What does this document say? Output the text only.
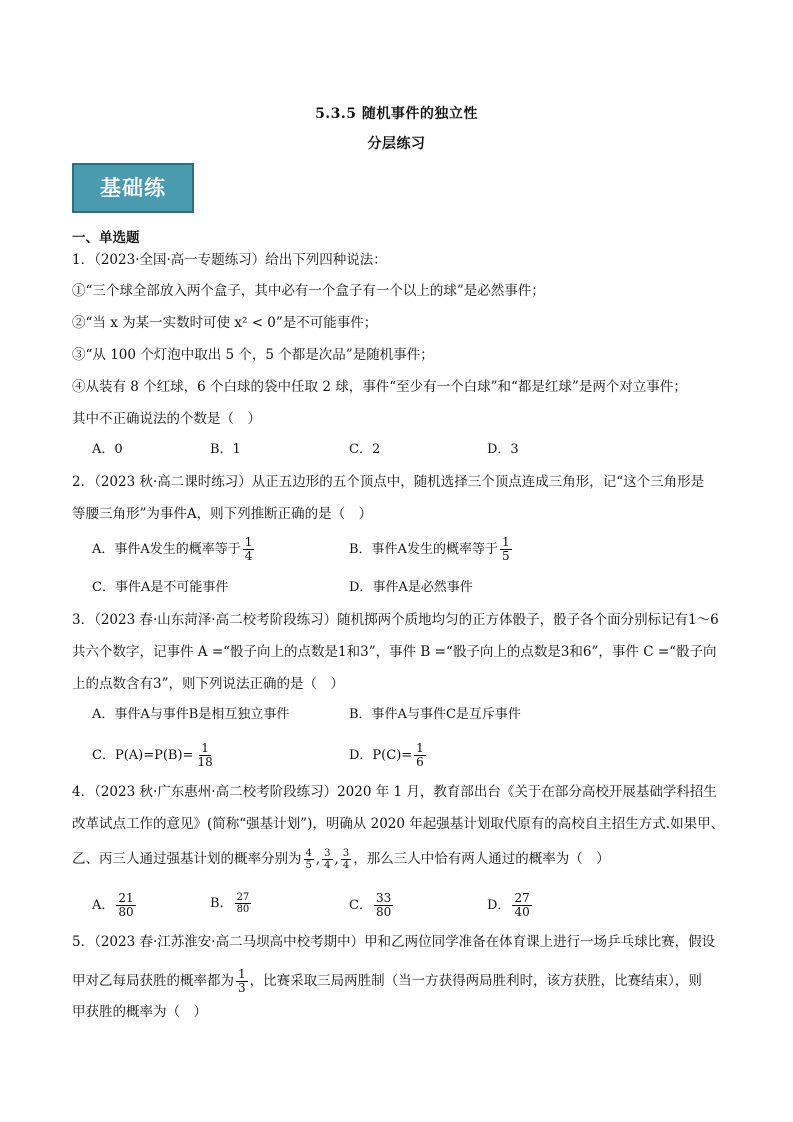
5.3.5 随机事件的独立性
分层练习
基础练
一、单选题
1．（2023·全国·高一专题练习）给出下列四种说法：
①“三个球全部放入两个盒子，其中必有一个盒子有一个以上的球”是必然事件；
②“当 x 为某一实数时可使 x² < 0”是不可能事件；
③“从 100 个灯泡中取出 5 个，5 个都是次品”是随机事件；
④从装有 8 个红球，6 个白球的袋中任取 2 球，事件“至少有一个白球”和“都是红球”是两个对立事件；
其中不正确说法的个数是（　）
A．0	B．1	C．2	D．3
2．（2023 秋·高二课时练习）从正五边形的五个顶点中，随机选择三个顶点连成三角形，记“这个三角形是
等腰三角形”为事件A，则下列推断正确的是（　）
A．事件A发生的概率等于 $\frac{1}{4}$	B．事件A发生的概率等于 $\frac{1}{5}$
C．事件A是不可能事件	D．事件A是必然事件
3．（2023 春·山东菏泽·高二校考阶段练习）随机掷两个质地均匀的正方体骰子，骰子各个面分别标记有1～6
共六个数字，记事件 A =“骰子向上的点数是1和3”，事件 B =“骰子向上的点数是3和6”，事件 C =“骰子向
上的点数含有3”，则下列说法正确的是（　）
A．事件A与事件B是相互独立事件	B．事件A与事件C是互斥事件
C．$P(A)=P(B)= \frac{1}{18}$	D．$P(C)= \frac{1}{6}$
4．（2023 秋·广东惠州·高二校考阶段练习）2020 年 1 月，教育部出台《关于在部分高校开展基础学科招生
改革试点工作的意见》(简称“强基计划”)，明确从 2020 年起强基计划取代原有的高校自主招生方式.如果甲、
乙、丙三人通过强基计划的概率分别为 $\frac{4}{5}$ , $\frac{3}{4}$ , $\frac{3}{4}$ ，那么三人中恰有两人通过的概率为（　）
A． $\frac{21}{80}$	B． $\frac{27}{80}$	C． $\frac{33}{80}$	D． $\frac{27}{40}$
5．（2023 春·江苏淮安·高二马坝高中校考期中）甲和乙两位同学准备在体育课上进行一场乒乓球比赛，假设
甲对乙每局获胜的概率都为 $\frac{1}{3}$ ，比赛采取三局两胜制（当一方获得两局胜利时，该方获胜，比赛结束），则
甲获胜的概率为（　）
